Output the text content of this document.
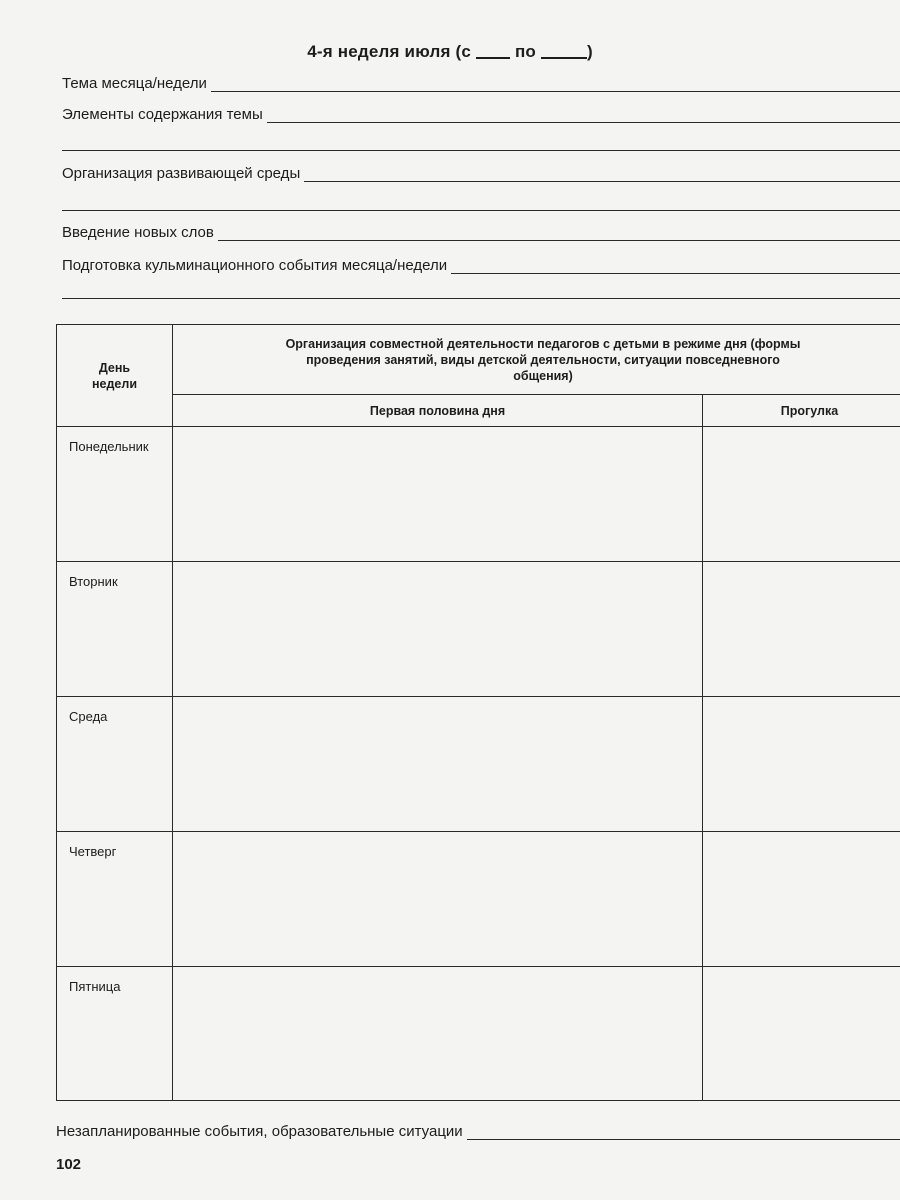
4-я неделя июля (с	по	)
Тема месяца/недели
Элементы содержания темы
Организация развивающей среды
Введение новых слов
Подготовка кульминационного события месяца/недели
День недели	Организация совместной деятельности педагогов с детьми в режиме дня (формы проведения занятий, виды детской деятельности, ситуации повседневного общения)	

	Первая половина дня	Прогулка
Понедельник		
Вторник		
Среда		
Четверг		
Пятница		
Незапланированные события, образовательные ситуации
102
